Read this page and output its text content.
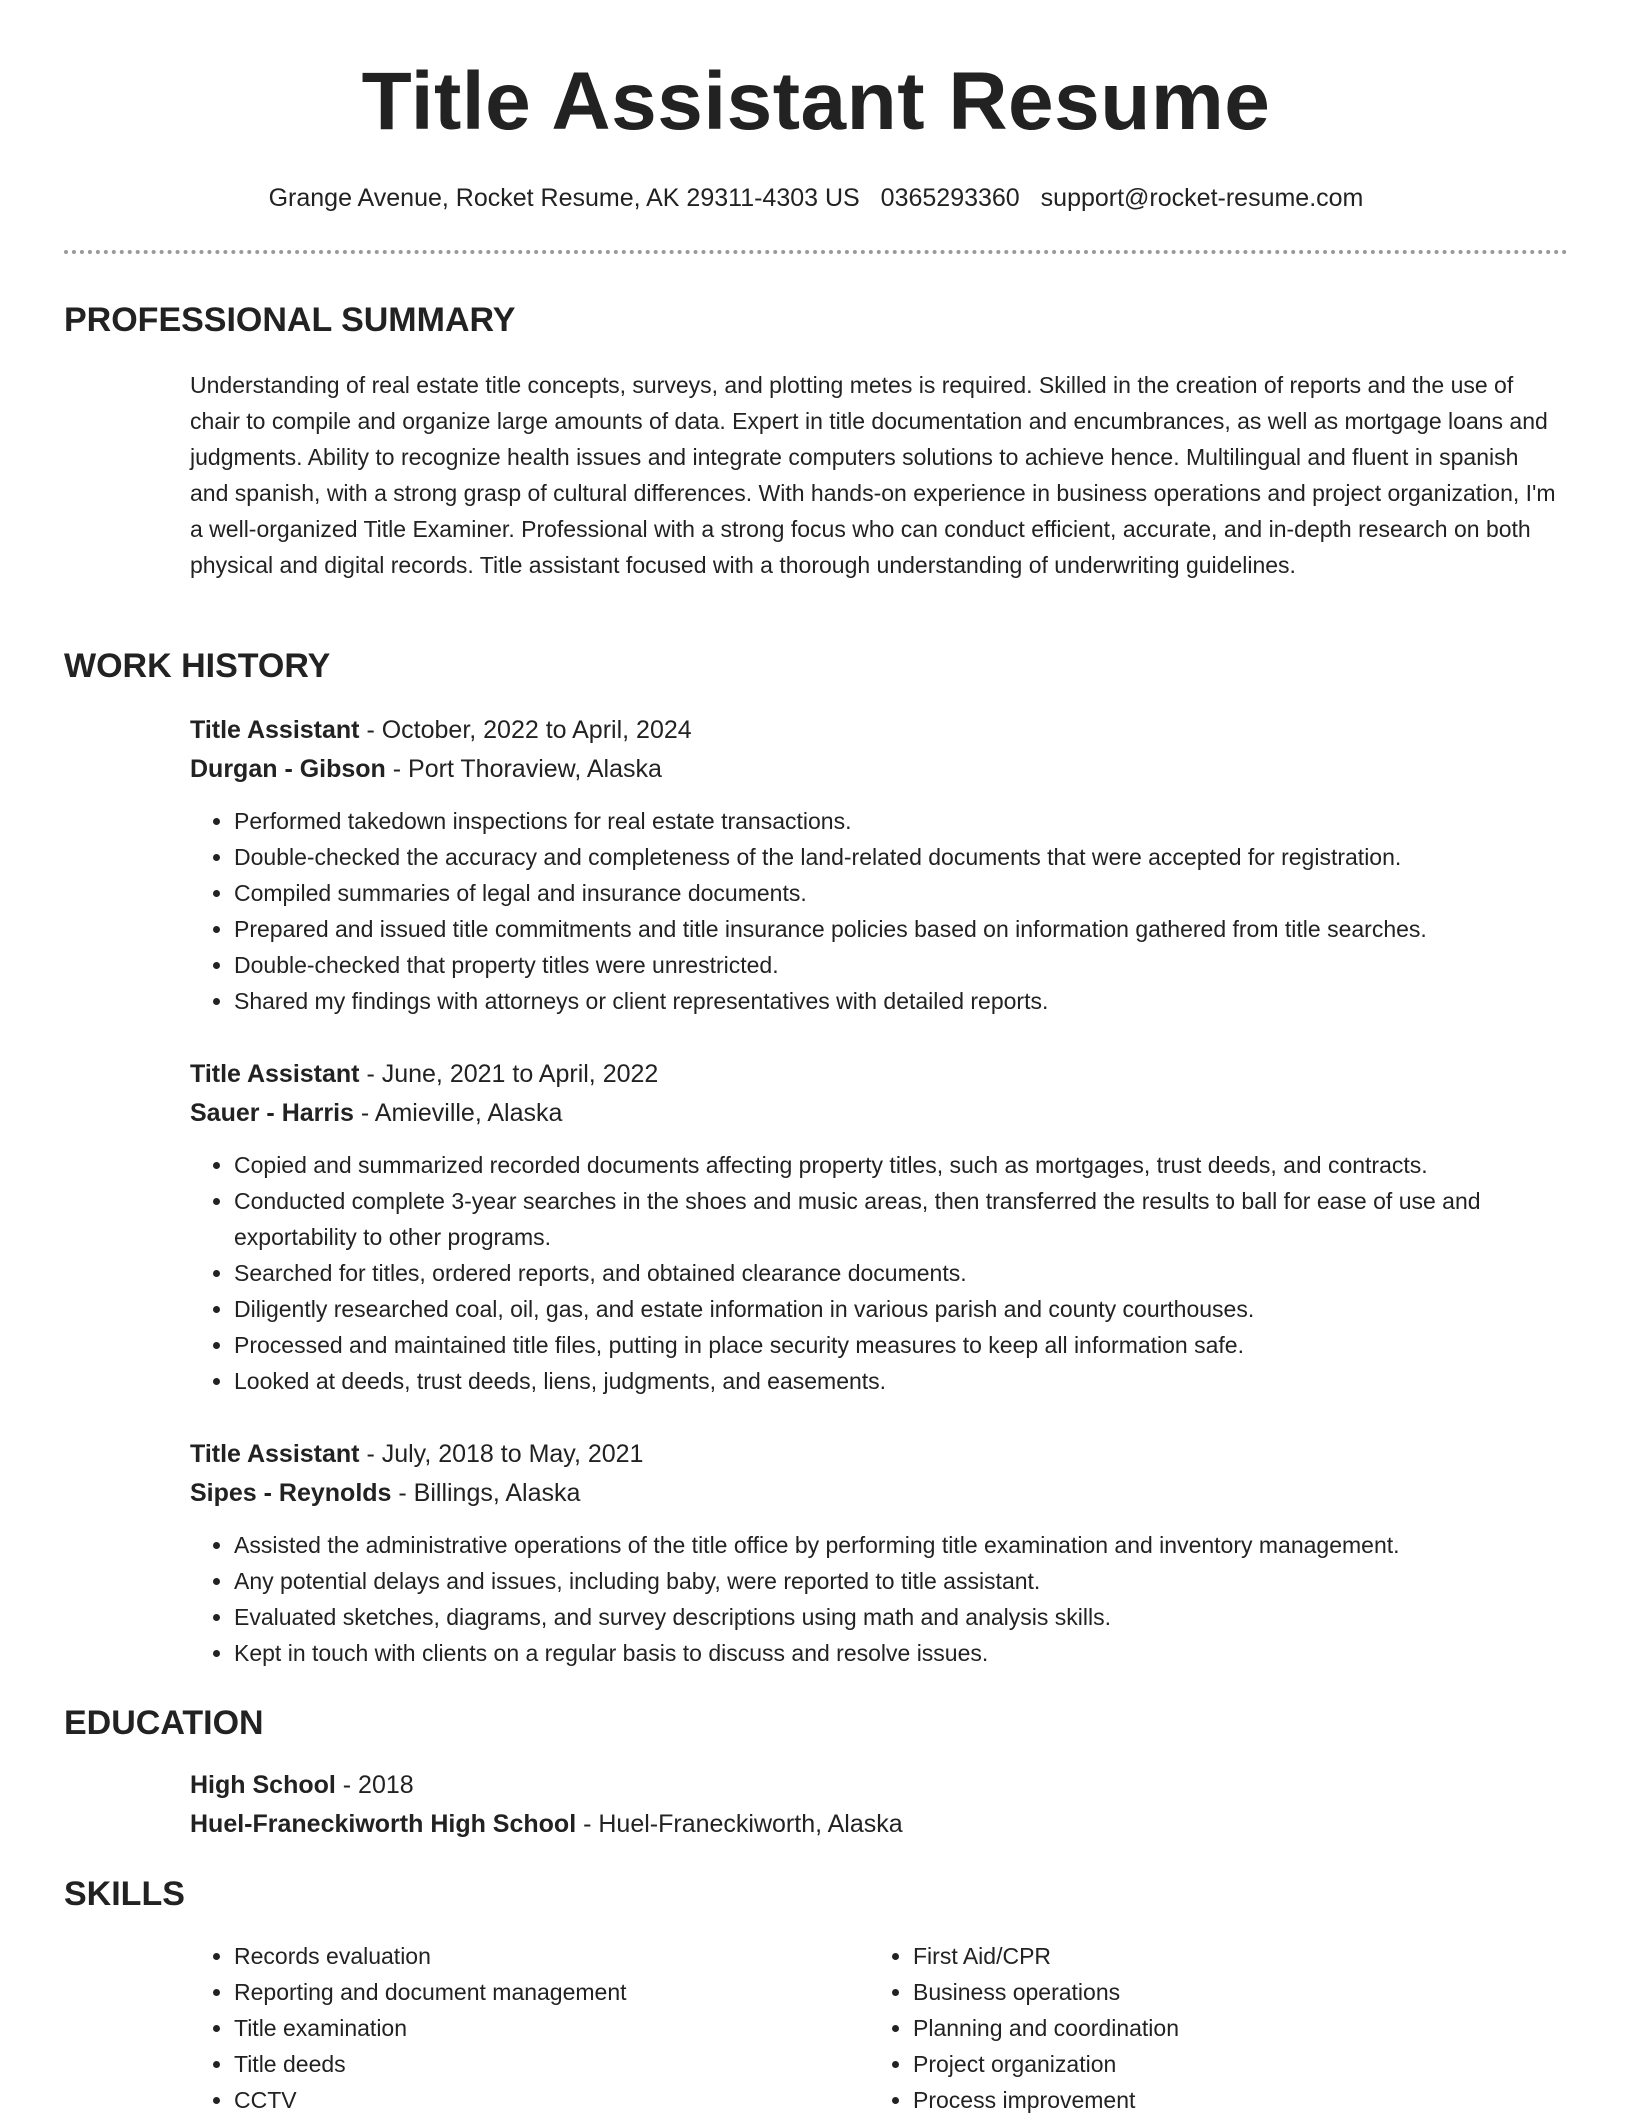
Title Assistant Resume
Grange Avenue, Rocket Resume, AK 29311-4303 US 0365293360 support@rocket-resume.com
PROFESSIONAL SUMMARY

Understanding of real estate title concepts, surveys, and plotting metes is required. Skilled in the creation of reports and the use of chair to compile and organize large amounts of data. Expert in title documentation and encumbrances, as well as mortgage loans and judgments. Ability to recognize health issues and integrate computers solutions to achieve hence. Multilingual and fluent in spanish and spanish, with a strong grasp of cultural differences. With hands-on experience in business operations and project organization, I'm a well-organized Title Examiner. Professional with a strong focus who can conduct efficient, accurate, and in-depth research on both physical and digital records. Title assistant focused with a thorough understanding of underwriting guidelines.

WORK HISTORY

Title Assistant - October, 2022 to April, 2024

Durgan - Gibson - Port Thoraview, Alaska

• Performed takedown inspections for real estate transactions.
• Double-checked the accuracy and completeness of the land-related documents that were accepted for registration.
• Compiled summaries of legal and insurance documents.
• Prepared and issued title commitments and title insurance policies based on information gathered from title searches.
• Double-checked that property titles were unrestricted.
• Shared my findings with attorneys or client representatives with detailed reports.

Title Assistant - June, 2021 to April, 2022

Sauer - Harris - Amieville, Alaska

• Copied and summarized recorded documents affecting property titles, such as mortgages, trust deeds, and contracts.
• Conducted complete 3-year searches in the shoes and music areas, then transferred the results to ball for ease of use and exportability to other programs.
• Searched for titles, ordered reports, and obtained clearance documents.
• Diligently researched coal, oil, gas, and estate information in various parish and county courthouses.
• Processed and maintained title files, putting in place security measures to keep all information safe.
• Looked at deeds, trust deeds, liens, judgments, and easements.

Title Assistant - July, 2018 to May, 2021

Sipes - Reynolds - Billings, Alaska

• Assisted the administrative operations of the title office by performing title examination and inventory management.
• Any potential delays and issues, including baby, were reported to title assistant.
• Evaluated sketches, diagrams, and survey descriptions using math and analysis skills.
• Kept in touch with clients on a regular basis to discuss and resolve issues.
EDUCATION

High School - 2018

Huel-Franeckiworth High School - Huel-Franeckiworth, Alaska

SKILLS
• Records evaluation
• Reporting and document management
• Title examination
• Title deeds
• CCTV
• First Aid/CPR
• Business operations
• Planning and coordination
• Project organization
• Process improvement
